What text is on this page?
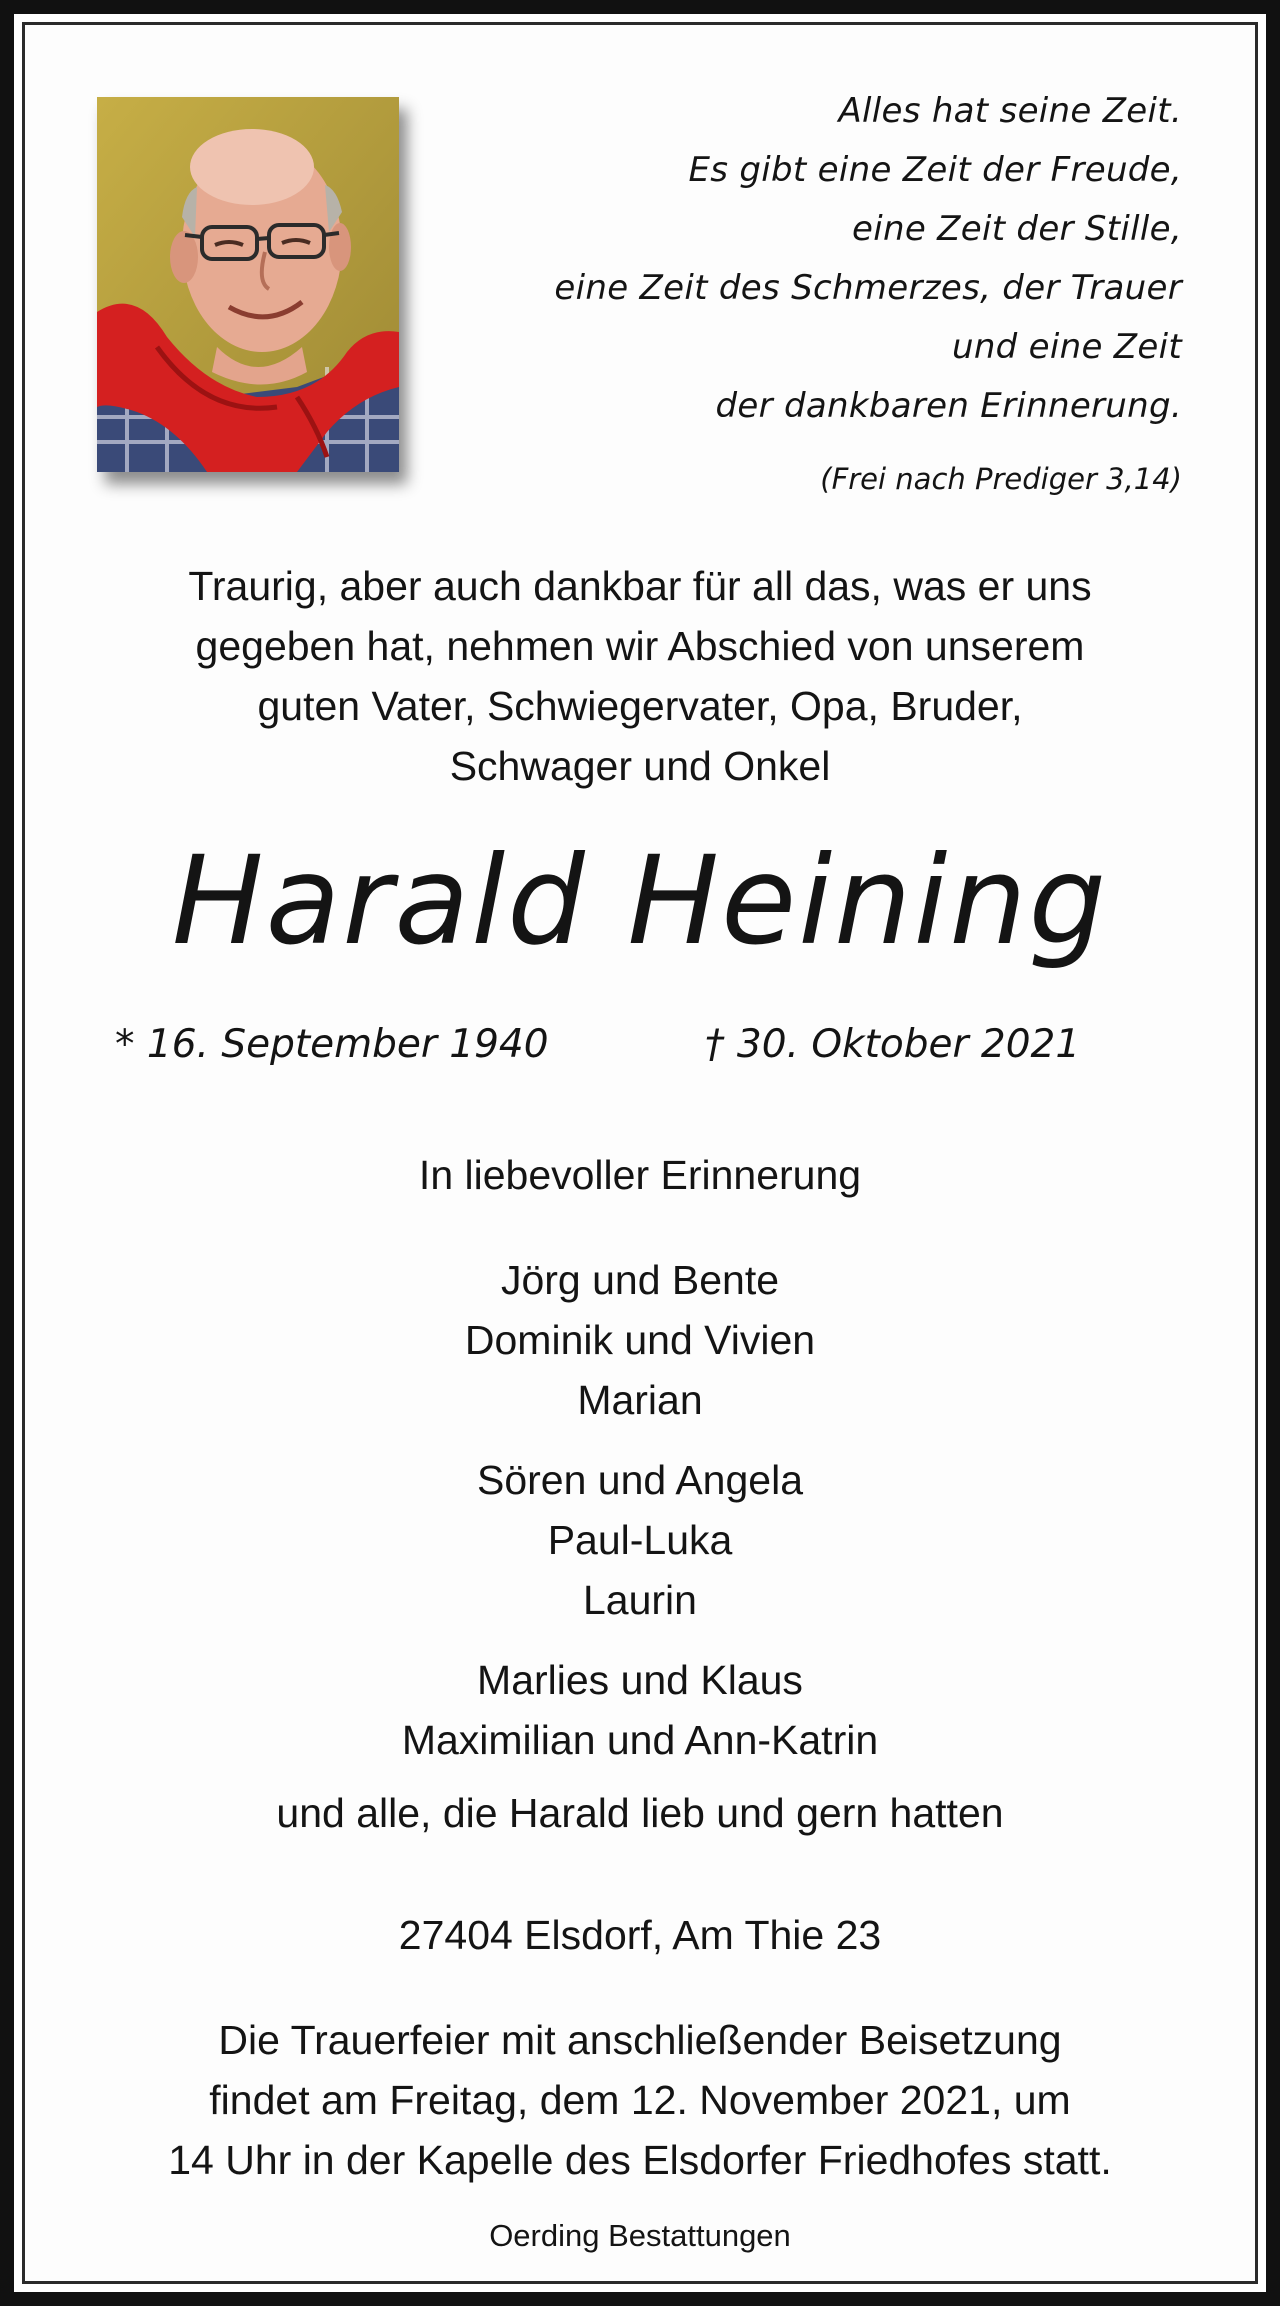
Alles hat seine Zeit.
Es gibt eine Zeit der Freude,
eine Zeit der Stille,
eine Zeit des Schmerzes, der Trauer
und eine Zeit
der dankbaren Erinnerung.
(Frei nach Prediger 3,14)
Traurig, aber auch dankbar für all das, was er uns
gegeben hat, nehmen wir Abschied von unserem
guten Vater, Schwiegervater, Opa, Bruder,
Schwager und Onkel
Harald Heining
* 16. September 1940	† 30. Oktober 2021
In liebevoller Erinnerung
Jörg und Bente
Dominik und Vivien
Marian
Sören und Angela
Paul-Luka
Laurin
Marlies und Klaus
Maximilian und Ann-Katrin
und alle, die Harald lieb und gern hatten
27404 Elsdorf, Am Thie 23
Die Trauerfeier mit anschließender Beisetzung
findet am Freitag, dem 12. November 2021, um
14 Uhr in der Kapelle des Elsdorfer Friedhofes statt.
Oerding Bestattungen
